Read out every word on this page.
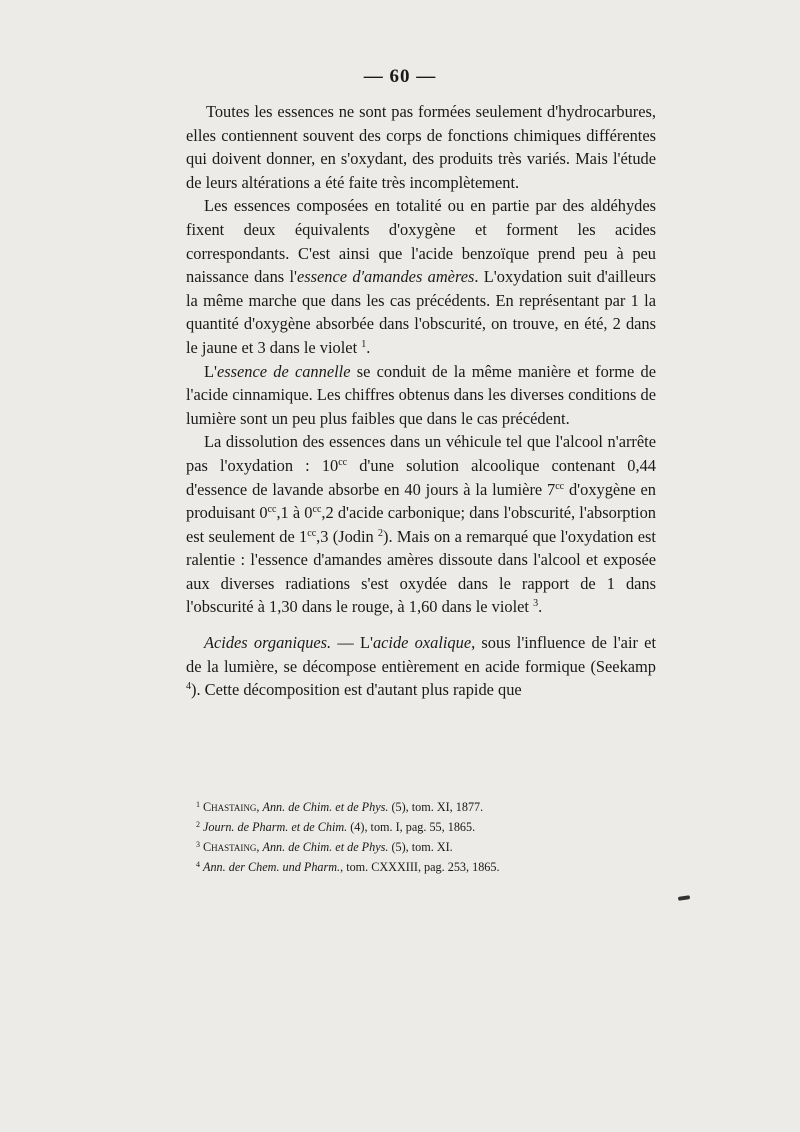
— 60 —

Toutes les essences ne sont pas formées seulement d'hydrocarbures, elles contiennent souvent des corps de fonctions chimiques différentes qui doivent donner, en s'oxydant, des produits très variés. Mais l'étude de leurs altérations a été faite très incomplètement.

Les essences composées en totalité ou en partie par des aldéhydes fixent deux équivalents d'oxygène et forment les acides correspondants. C'est ainsi que l'acide benzoïque prend peu à peu naissance dans l'essence d'amandes amères. L'oxydation suit d'ailleurs la même marche que dans les cas précédents. En représentant par 1 la quantité d'oxygène absorbée dans l'obscurité, on trouve, en été, 2 dans le jaune et 3 dans le violet $^1$.

L'essence de cannelle se conduit de la même manière et forme de l'acide cinnamique. Les chiffres obtenus dans les diverses conditions de lumière sont un peu plus faibles que dans le cas précédent.

La dissolution des essences dans un véhicule tel que l'alcool n'arrête pas l'oxydation : $10^{cc}$ d'une solution alcoolique contenant 0,44 d'essence de lavande absorbe en 40 jours à la lumière $7^{cc}$ d'oxygène en produisant $0^{cc},1$ à $0^{cc},2$ d'acide carbonique; dans l'obscurité, l'absorption est seulement de $1^{cc},3$ (Jodin $^2$). Mais on a remarqué que l'oxydation est ralentie : l'essence d'amandes amères dissoute dans l'alcool et exposée aux diverses radiations s'est oxydée dans le rapport de 1 dans l'obscurité à 1,30 dans le rouge, à 1,60 dans le violet $^3$.

Acides organiques. — L'acide oxalique, sous l'influence de l'air et de la lumière, se décompose entièrement en acide formique (Seekamp $^4$). Cette décomposition est d'autant plus rapide que

$^1$ Chastaing, Ann. de Chim. et de Phys. (5), tom. XI, 1877.
$^2$ Journ. de Pharm. et de Chim. (4), tom. I, pag. 55, 1865.
$^3$ Chastaing, Ann. de Chim. et de Phys. (5), tom. XI.
$^4$ Ann. der Chem. und Pharm., tom. CXXXIII, pag. 253, 1865.
